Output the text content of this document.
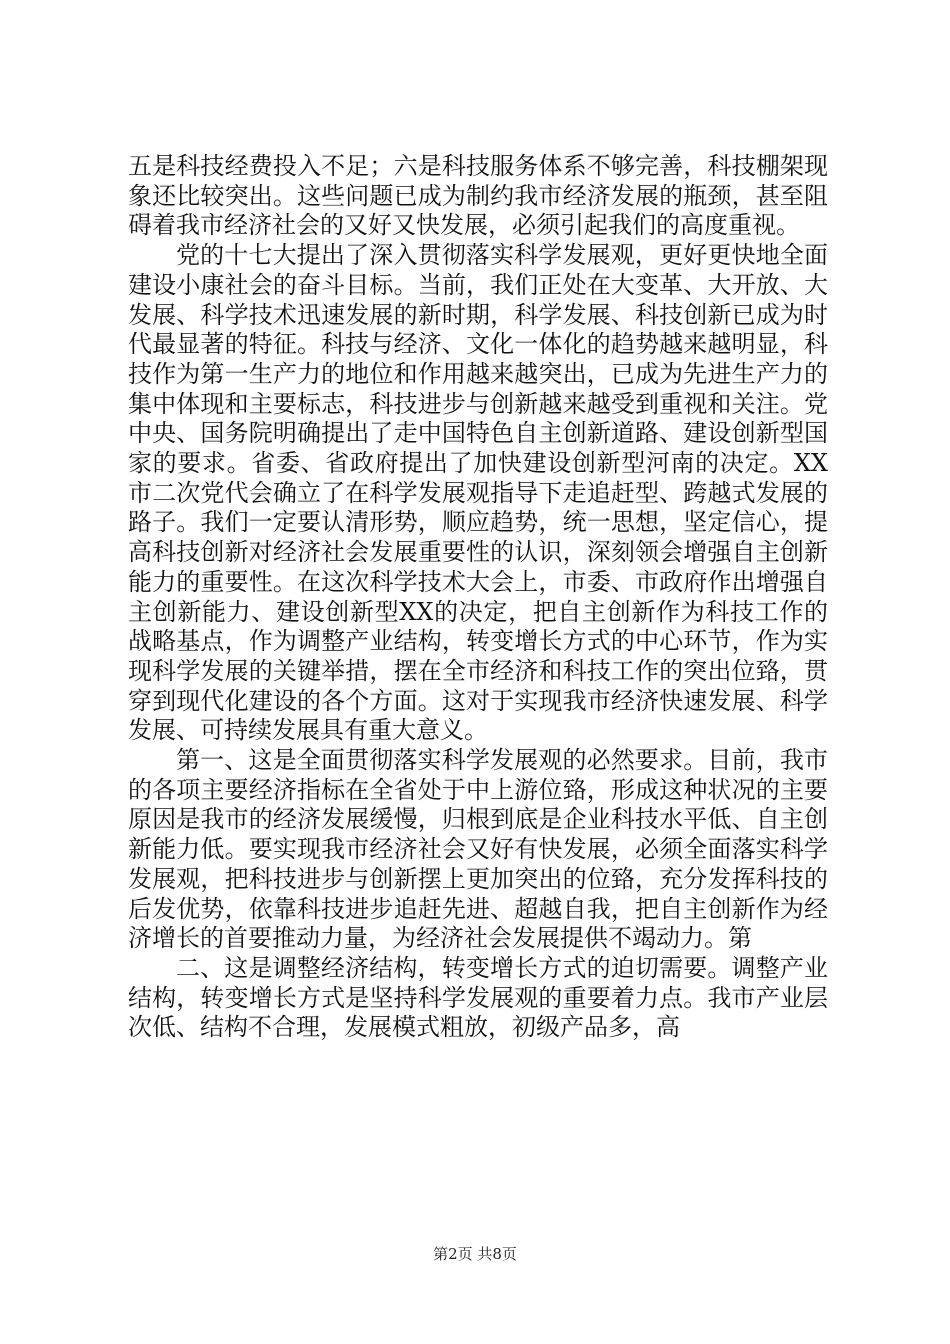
五是科技经费投入不足；六是科技服务体系不够完善，科技棚架现象还比较突出。这些问题已成为制约我市经济发展的瓶颈，甚至阻碍着我市经济社会的又好又快发展，必须引起我们的高度重视。

党的十七大提出了深入贯彻落实科学发展观，更好更快地全面建设小康社会的奋斗目标。当前，我们正处在大变革、大开放、大发展、科学技术迅速发展的新时期，科学发展、科技创新已成为时代最显著的特征。科技与经济、文化一体化的趋势越来越明显，科技作为第一生产力的地位和作用越来越突出，已成为先进生产力的集中体现和主要标志，科技进步与创新越来越受到重视和关注。党中央、国务院明确提出了走中国特色自主创新道路、建设创新型国家的要求。省委、省政府提出了加快建设创新型河南的决定。XX市二次党代会确立了在科学发展观指导下走追赶型、跨越式发展的路子。我们一定要认清形势，顺应趋势，统一思想，坚定信心，提高科技创新对经济社会发展重要性的认识，深刻领会增强自主创新能力的重要性。在这次科学技术大会上，市委、市政府作出增强自主创新能力、建设创新型XX的决定，把自主创新作为科技工作的战略基点，作为调整产业结构，转变增长方式的中心环节，作为实现科学发展的关键举措，摆在全市经济和科技工作的突出位臵，贯穿到现代化建设的各个方面。这对于实现我市经济快速发展、科学发展、可持续发展具有重大意义。

第一、这是全面贯彻落实科学发展观的必然要求。目前，我市的各项主要经济指标在全省处于中上游位臵，形成这种状况的主要原因是我市的经济发展缓慢，归根到底是企业科技水平低、自主创新能力低。要实现我市经济社会又好有快发展，必须全面落实科学发展观，把科技进步与创新摆上更加突出的位臵，充分发挥科技的后发优势，依靠科技进步追赶先进、超越自我，把自主创新作为经济增长的首要推动力量，为经济社会发展提供不竭动力。第

二、这是调整经济结构，转变增长方式的迫切需要。调整产业结构，转变增长方式是坚持科学发展观的重要着力点。我市产业层次低、结构不合理，发展模式粗放，初级产品多，高

第2页 共8页
